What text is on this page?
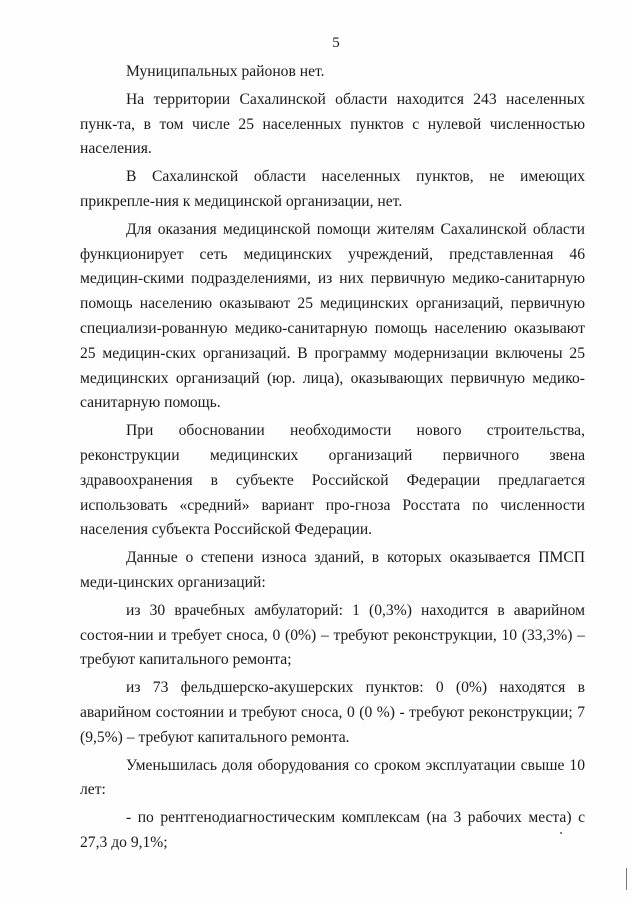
5

Муниципальных районов нет.

На территории Сахалинской области находится 243 населенных пунк-та, в том числе 25 населенных пунктов с нулевой численностью населения.

В Сахалинской области населенных пунктов, не имеющих прикрепле-ния к медицинской организации, нет.

Для оказания медицинской помощи жителям Сахалинской области функционирует сеть медицинских учреждений, представленная 46 медицин-скими подразделениями, из них первичную медико-санитарную помощь населению оказывают 25 медицинских организаций, первичную специализи-рованную медико-санитарную помощь населению оказывают 25 медицин-ских организаций. В программу модернизации включены 25 медицинских организаций (юр. лица), оказывающих первичную медико-санитарную помощь.

При обосновании необходимости нового строительства, реконструкции медицинских организаций первичного звена здравоохранения в субъекте Российской Федерации предлагается использовать «средний» вариант про-гноза Росстата по численности населения субъекта Российской Федерации.

Данные о степени износа зданий, в которых оказывается ПМСП меди-цинских организаций:

из 30 врачебных амбулаторий: 1 (0,3%) находится в аварийном состоя-нии и требует сноса, 0 (0%) – требуют реконструкции, 10 (33,3%) – требуют капитального ремонта;

из 73 фельдшерско-акушерских пунктов: 0 (0%) находятся в аварийном состоянии и требуют сноса, 0 (0 %) - требуют реконструкции; 7 (9,5%) – требуют капитального ремонта.

Уменьшилась доля оборудования со сроком эксплуатации свыше 10 лет:

- по рентгенодиагностическим комплексам (на 3 рабочих места) с 27,3 до 9,1%;
